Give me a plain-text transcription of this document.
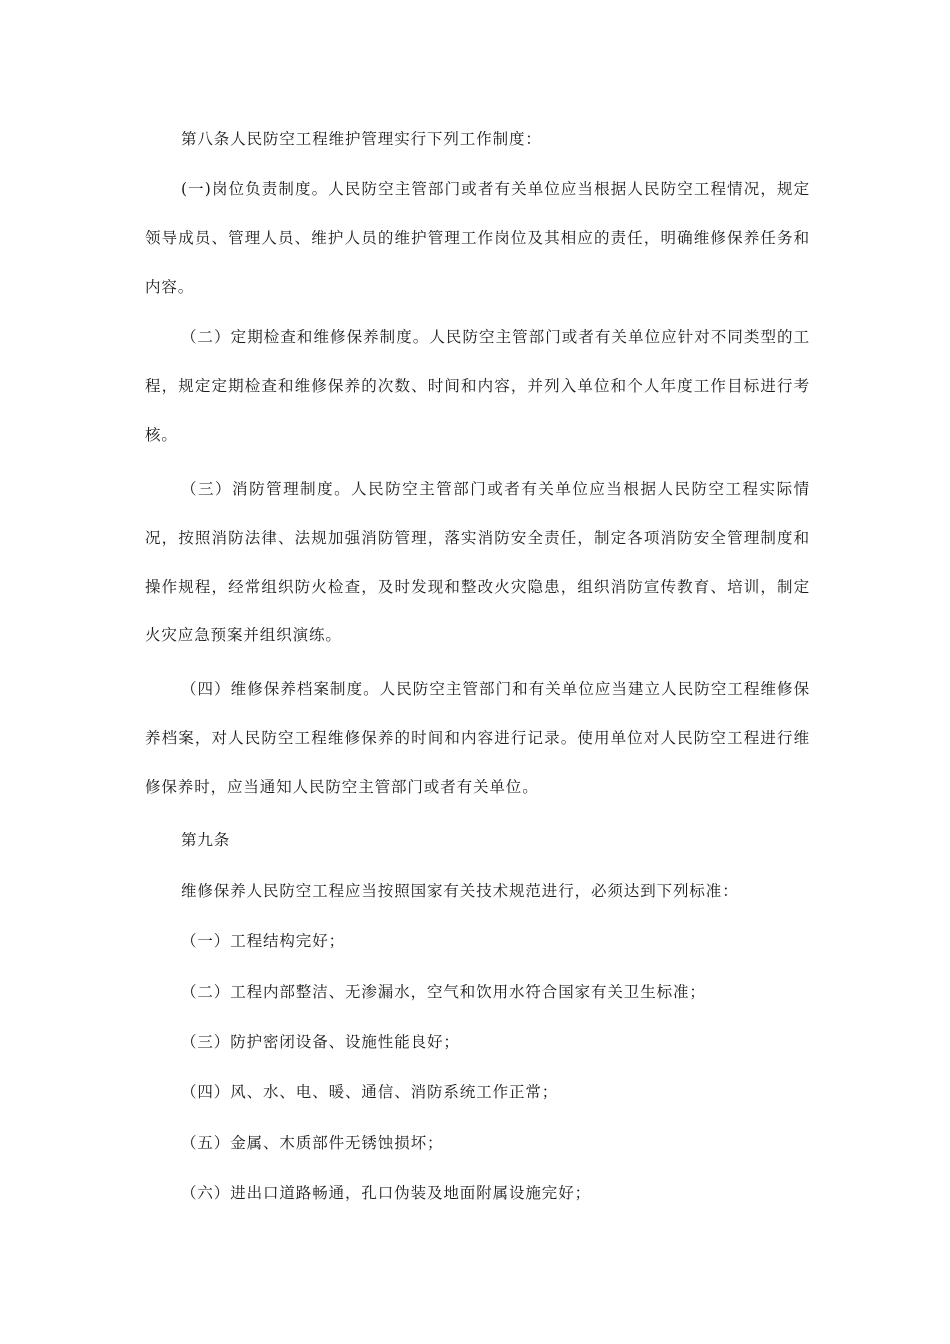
第八条人民防空工程维护管理实行下列工作制度：

(一)岗位负责制度。人民防空主管部门或者有关单位应当根据人民防空工程情况，规定领导成员、管理人员、维护人员的维护管理工作岗位及其相应的责任，明确维修保养任务和内容。

（二）定期检查和维修保养制度。人民防空主管部门或者有关单位应针对不同类型的工程，规定定期检查和维修保养的次数、时间和内容，并列入单位和个人年度工作目标进行考核。

（三）消防管理制度。人民防空主管部门或者有关单位应当根据人民防空工程实际情况，按照消防法律、法规加强消防管理，落实消防安全责任，制定各项消防安全管理制度和操作规程，经常组织防火检查，及时发现和整改火灾隐患，组织消防宣传教育、培训，制定火灾应急预案并组织演练。

（四）维修保养档案制度。人民防空主管部门和有关单位应当建立人民防空工程维修保养档案，对人民防空工程维修保养的时间和内容进行记录。使用单位对人民防空工程进行维修保养时，应当通知人民防空主管部门或者有关单位。

第九条

维修保养人民防空工程应当按照国家有关技术规范进行，必须达到下列标准：

（一）工程结构完好；

（二）工程内部整洁、无渗漏水，空气和饮用水符合国家有关卫生标准；

（三）防护密闭设备、设施性能良好；

（四）风、水、电、暖、通信、消防系统工作正常；

（五）金属、木质部件无锈蚀损坏；

（六）进出口道路畅通，孔口伪装及地面附属设施完好；
